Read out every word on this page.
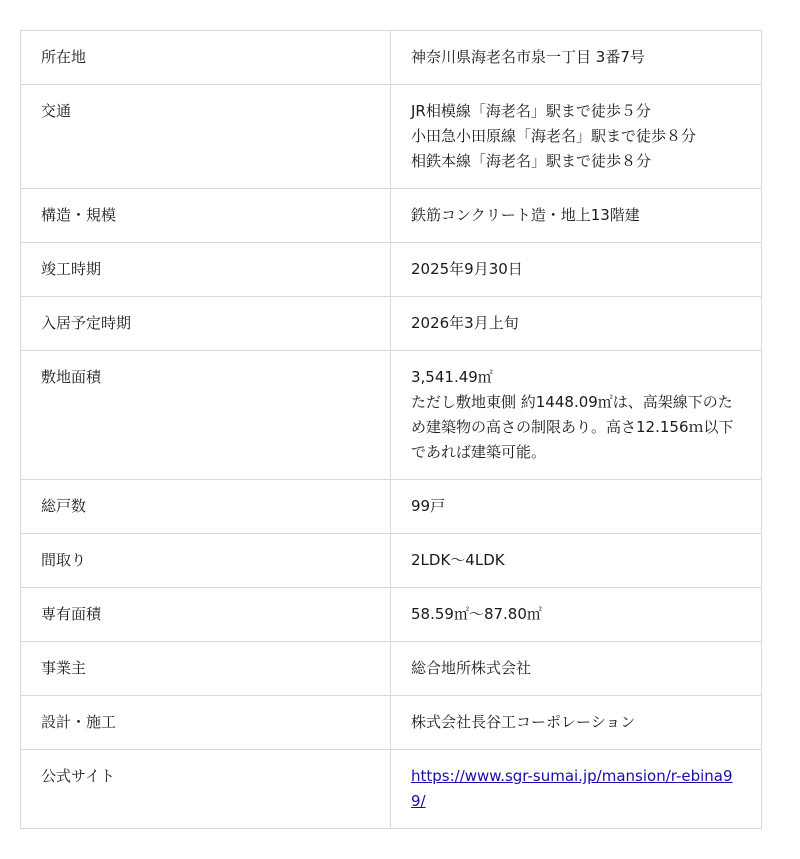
所在地	神奈川県海老名市泉一丁目 3番7号

交通	JR相模線「海老名」駅まで徒歩５分
小田急小田原線「海老名」駅まで徒歩８分
相鉄本線「海老名」駅まで徒歩８分

構造・規模	鉄筋コンクリート造・地上13階建

竣工時期	2025年9月30日

入居予定時期	2026年3月上旬

敷地面積	3,541.49㎡
ただし敷地東側 約1448.09㎡は、高架線下のため建築物の高さの制限あり。高さ12.156ｍ以下であれば建築可能。

総戸数	99戸

間取り	2LDK～4LDK

専有面積	58.59㎡～87.80㎡

事業主	総合地所株式会社

設計・施工	株式会社長谷工コーポレーション

公式サイト	https://www.sgr-sumai.jp/mansion/r-ebina99/
